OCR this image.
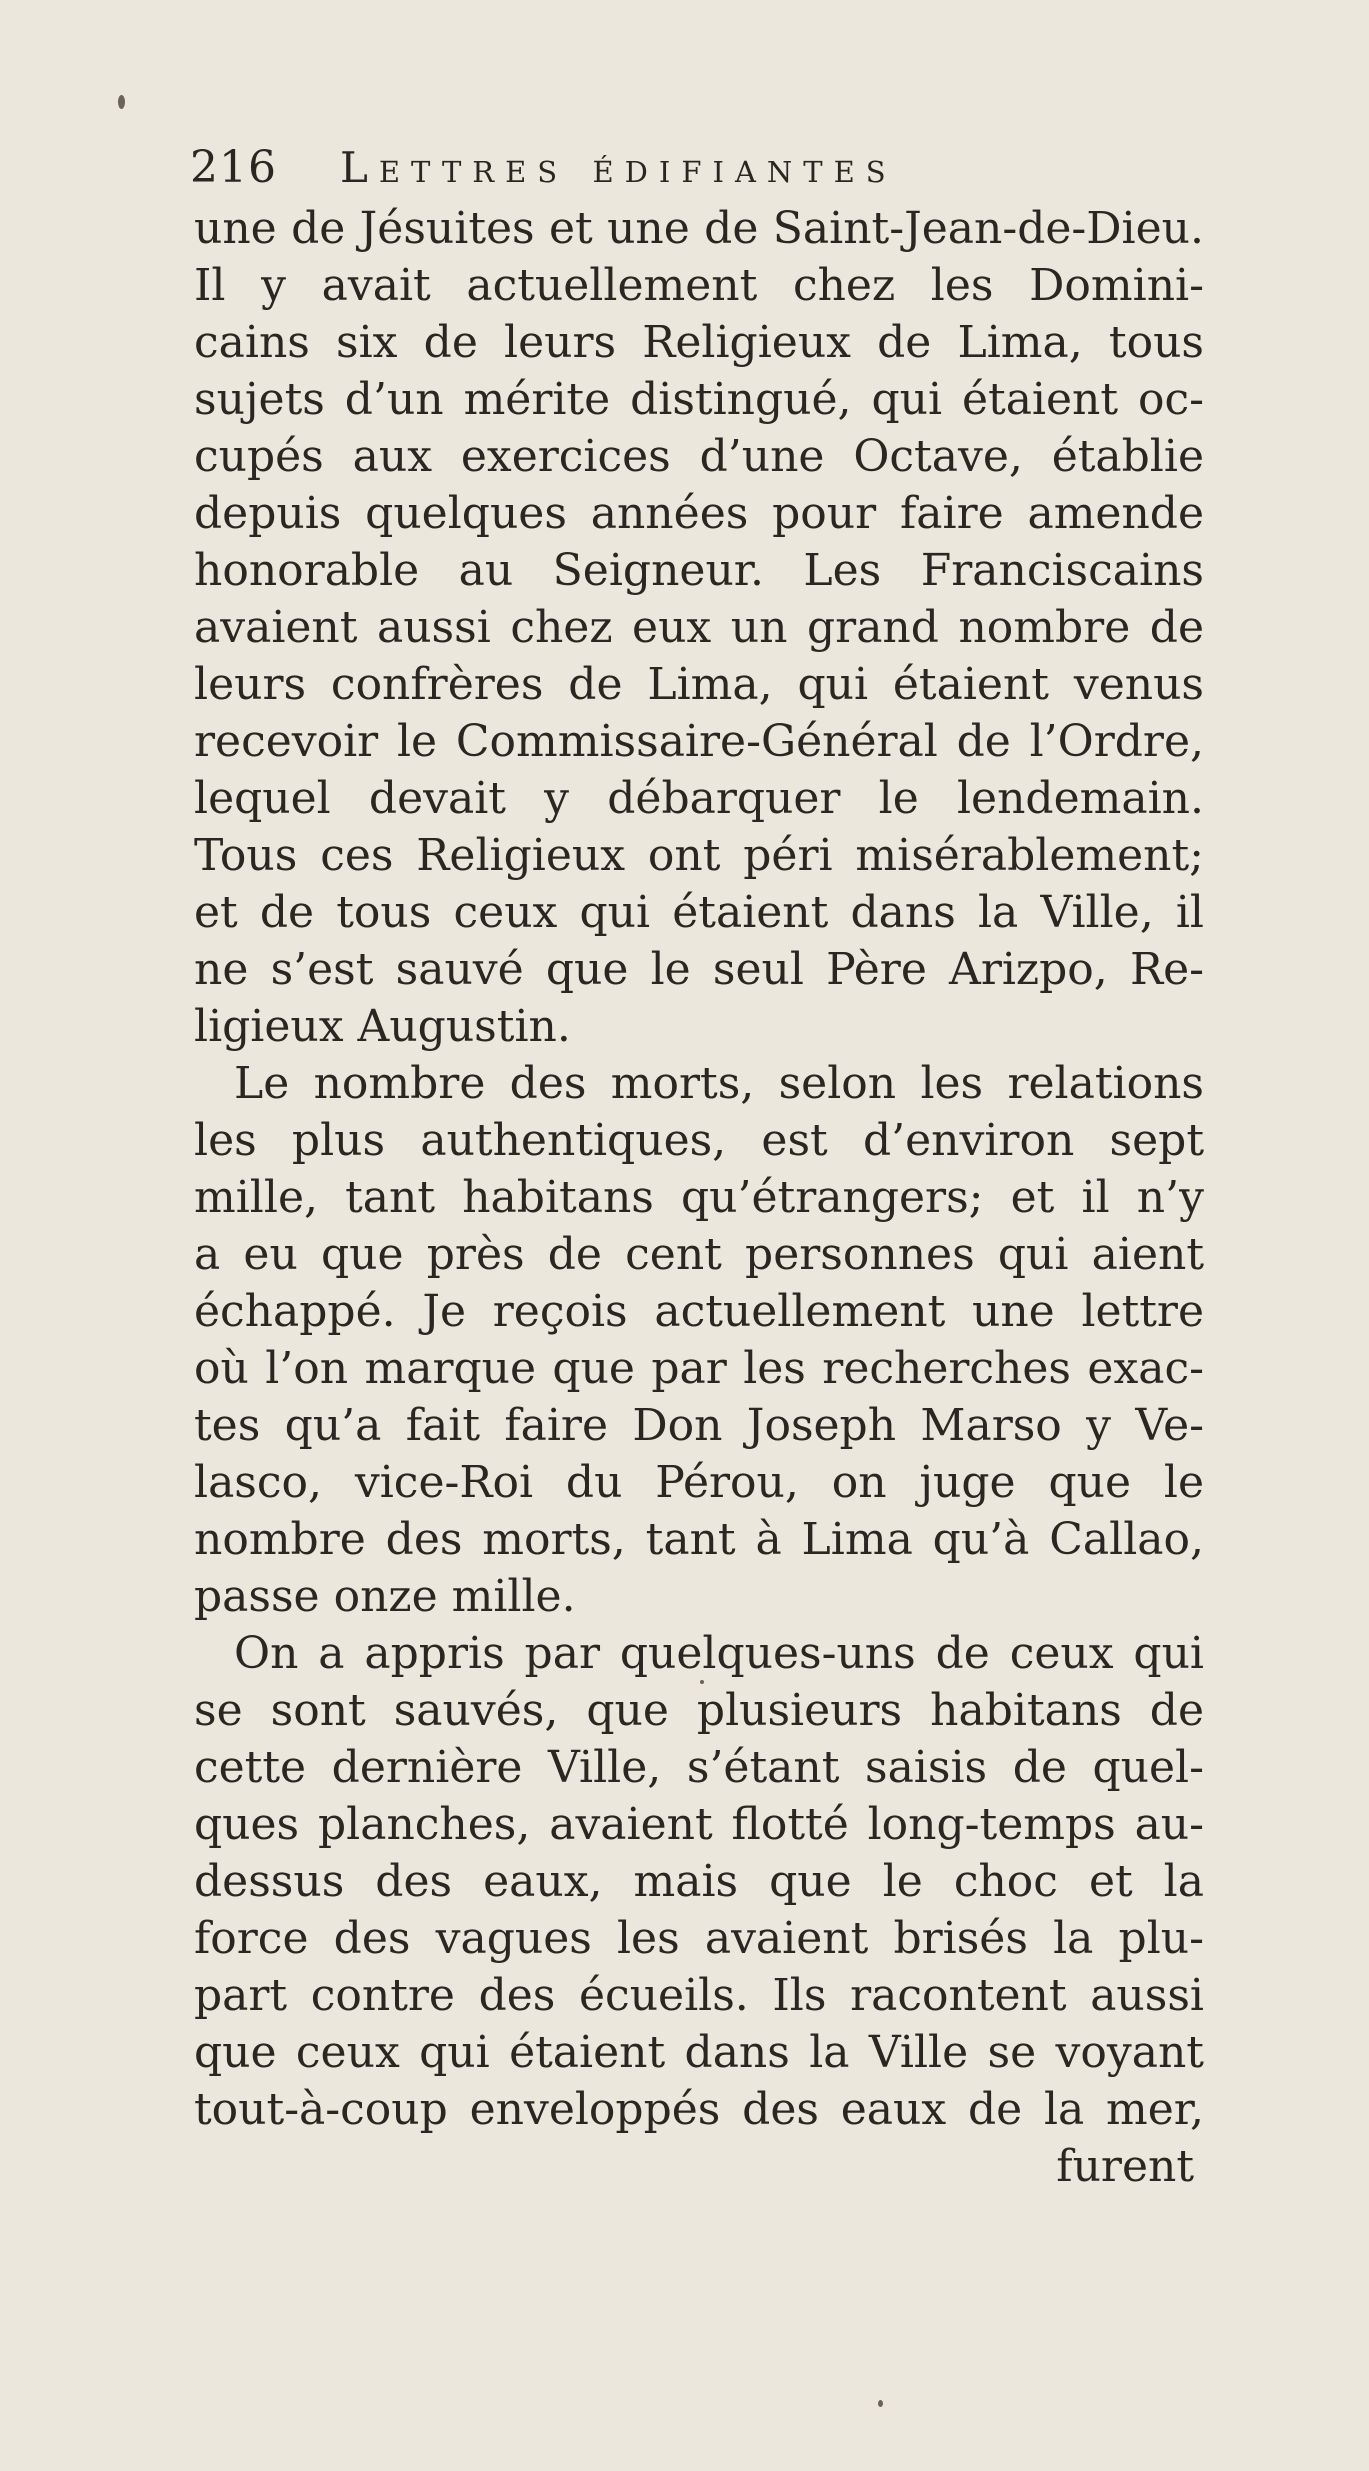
216 Lettres édifiantes
une de Jésuites et une de Saint-Jean-de-Dieu.
Il y avait actuellement chez les Domini-
cains six de leurs Religieux de Lima, tous
sujets d’un mérite distingué, qui étaient oc-
cupés aux exercices d’une Octave, établie
depuis quelques années pour faire amende
honorable au Seigneur. Les Franciscains
avaient aussi chez eux un grand nombre de
leurs confrères de Lima, qui étaient venus
recevoir le Commissaire-Général de l’Ordre,
lequel devait y débarquer le lendemain.
Tous ces Religieux ont péri misérablement;
et de tous ceux qui étaient dans la Ville, il
ne s’est sauvé que le seul Père Arizpo, Re-
ligieux Augustin.
Le nombre des morts, selon les relations
les plus authentiques, est d’environ sept
mille, tant habitans qu’étrangers; et il n’y
a eu que près de cent personnes qui aient
échappé. Je reçois actuellement une lettre
où l’on marque que par les recherches exac-
tes qu’a fait faire Don Joseph Marso y Ve-
lasco, vice-Roi du Pérou, on juge que le
nombre des morts, tant à Lima qu’à Callao,
passe onze mille.
On a appris par quelques-uns de ceux qui
se sont sauvés, que plusieurs habitans de
cette dernière Ville, s’étant saisis de quel-
ques planches, avaient flotté long-temps au-
dessus des eaux, mais que le choc et la
force des vagues les avaient brisés la plu-
part contre des écueils. Ils racontent aussi
que ceux qui étaient dans la Ville se voyant
tout-à-coup enveloppés des eaux de la mer,
furent
